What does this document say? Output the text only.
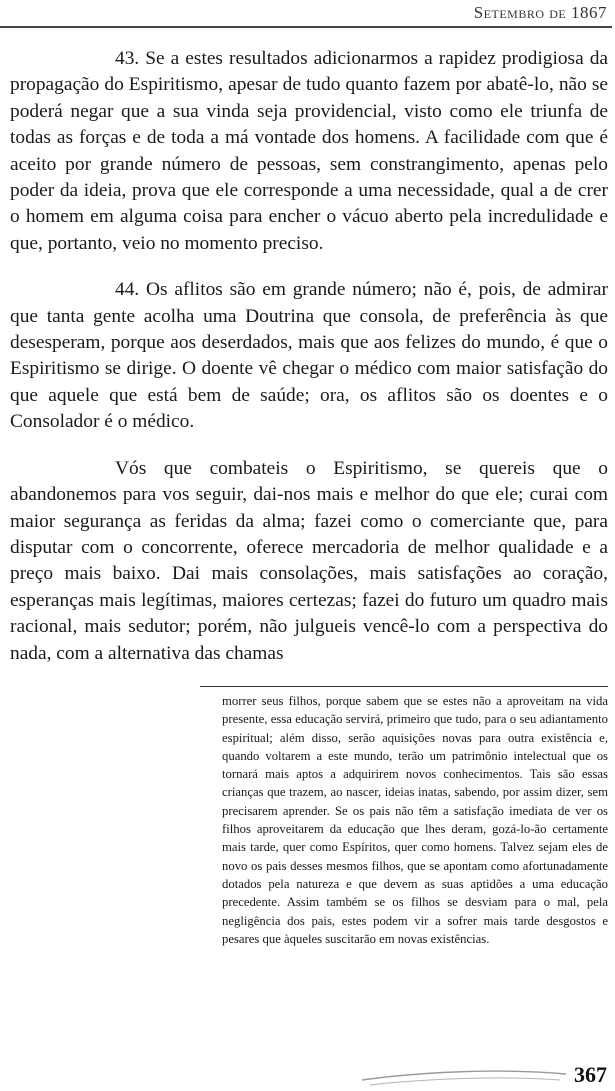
Setembro de 1867

43. Se a estes resultados adicionarmos a rapidez prodigiosa da propagação do Espiritismo, apesar de tudo quanto fazem por abatê-lo, não se poderá negar que a sua vinda seja providencial, visto como ele triunfa de todas as forças e de toda a má vontade dos homens. A facilidade com que é aceito por grande número de pessoas, sem constrangimento, apenas pelo poder da ideia, prova que ele corresponde a uma necessidade, qual a de crer o homem em alguma coisa para encher o vácuo aberto pela incredulidade e que, portanto, veio no momento preciso.

44. Os aflitos são em grande número; não é, pois, de admirar que tanta gente acolha uma Doutrina que consola, de preferência às que desesperam, porque aos deserdados, mais que aos felizes do mundo, é que o Espiritismo se dirige. O doente vê chegar o médico com maior satisfação do que aquele que está bem de saúde; ora, os aflitos são os doentes e o Consolador é o médico.

Vós que combateis o Espiritismo, se quereis que o abandonemos para vos seguir, dai-nos mais e melhor do que ele; curai com maior segurança as feridas da alma; fazei como o comerciante que, para disputar com o concorrente, oferece mercadoria de melhor qualidade e a preço mais baixo. Dai mais consolações, mais satisfações ao coração, esperanças mais legítimas, maiores certezas; fazei do futuro um quadro mais racional, mais sedutor; porém, não julgueis vencê-lo com a perspectiva do nada, com a alternativa das chamas

morrer seus filhos, porque sabem que se estes não a aproveitam na vida presente, essa educação servirá, primeiro que tudo, para o seu adiantamento espiritual; além disso, serão aquisições novas para outra existência e, quando voltarem a este mundo, terão um patrimônio intelectual que os tornará mais aptos a adquirirem novos conhecimentos. Tais são essas crianças que trazem, ao nascer, ideias inatas, sabendo, por assim dizer, sem precisarem aprender. Se os pais não têm a satisfação imediata de ver os filhos aproveitarem da educação que lhes deram, gozá-lo-ão certamente mais tarde, quer como Espíritos, quer como homens. Talvez sejam eles de novo os pais desses mesmos filhos, que se apontam como afortunadamente dotados pela natureza e que devem as suas aptidões a uma educação precedente. Assim também se os filhos se desviam para o mal, pela negligência dos pais, estes podem vir a sofrer mais tarde desgostos e pesares que àqueles suscitarão em novas existências.

367
